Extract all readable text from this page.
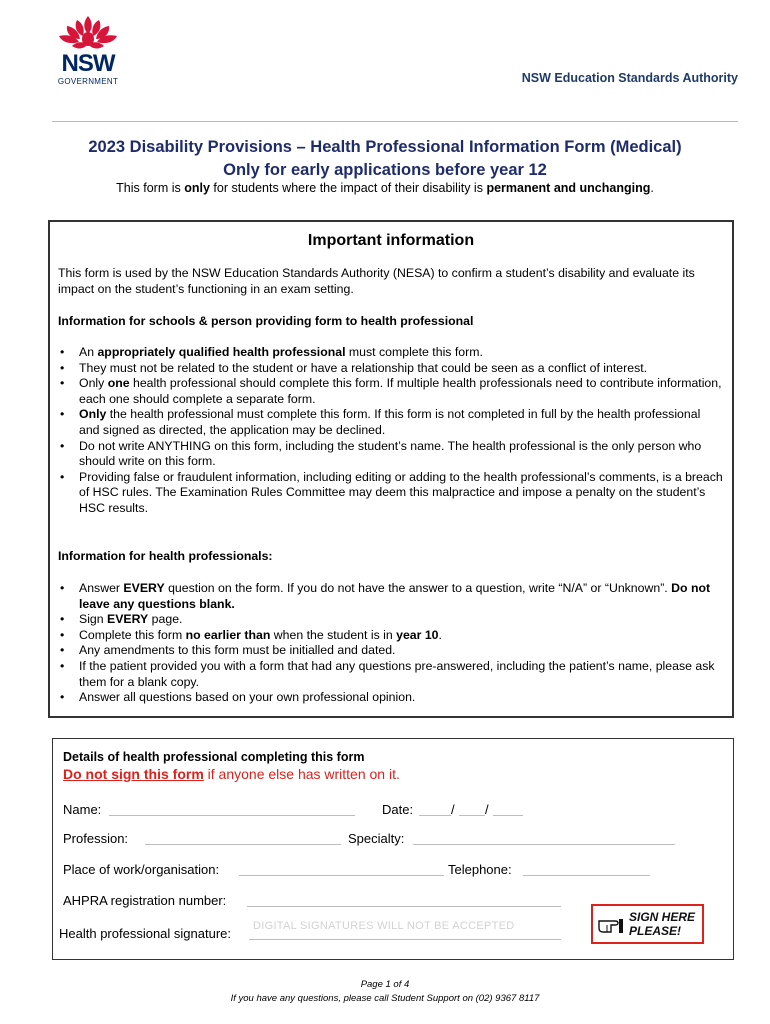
NSW
GOVERNMENT	NSW Education Standards Authority
2023 Disability Provisions – Health Professional Information Form (Medical)
Only for early applications before year 12
This form is only for students where the impact of their disability is permanent and unchanging.
Important information
This form is used by the NSW Education Standards Authority (NESA) to confirm a student’s disability and evaluate its impact on the student’s functioning in an exam setting.
Information for schools & person providing form to health professional
• An appropriately qualified health professional must complete this form.
• They must not be related to the student or have a relationship that could be seen as a conflict of interest.
• Only one health professional should complete this form. If multiple health professionals need to contribute information, each one should complete a separate form.
• Only the health professional must complete this form. If this form is not completed in full by the health professional and signed as directed, the application may be declined.
• Do not write ANYTHING on this form, including the student’s name. The health professional is the only person who should write on this form.
• Providing false or fraudulent information, including editing or adding to the health professional’s comments, is a breach of HSC rules. The Examination Rules Committee may deem this malpractice and impose a penalty on the student’s HSC results.
Information for health professionals:
• Answer EVERY question on the form. If you do not have the answer to a question, write “N/A” or “Unknown”. Do not leave any questions blank.
• Sign EVERY page.
• Complete this form no earlier than when the student is in year 10.
• Any amendments to this form must be initialled and dated.
• If the patient provided you with a form that had any questions pre-answered, including the patient’s name, please ask them for a blank copy.
• Answer all questions based on your own professional opinion.
Details of health professional completing this form
Do not sign this form if anyone else has written on it.
Name:	Date:	/ /
Profession:	Specialty:
Place of work/organisation:	Telephone:
AHPRA registration number:
Health professional signature: DIGITAL SIGNATURES WILL NOT BE ACCEPTED
SIGN HERE
PLEASE!
Page 1 of 4
If you have any questions, please call Student Support on (02) 9367 8117
